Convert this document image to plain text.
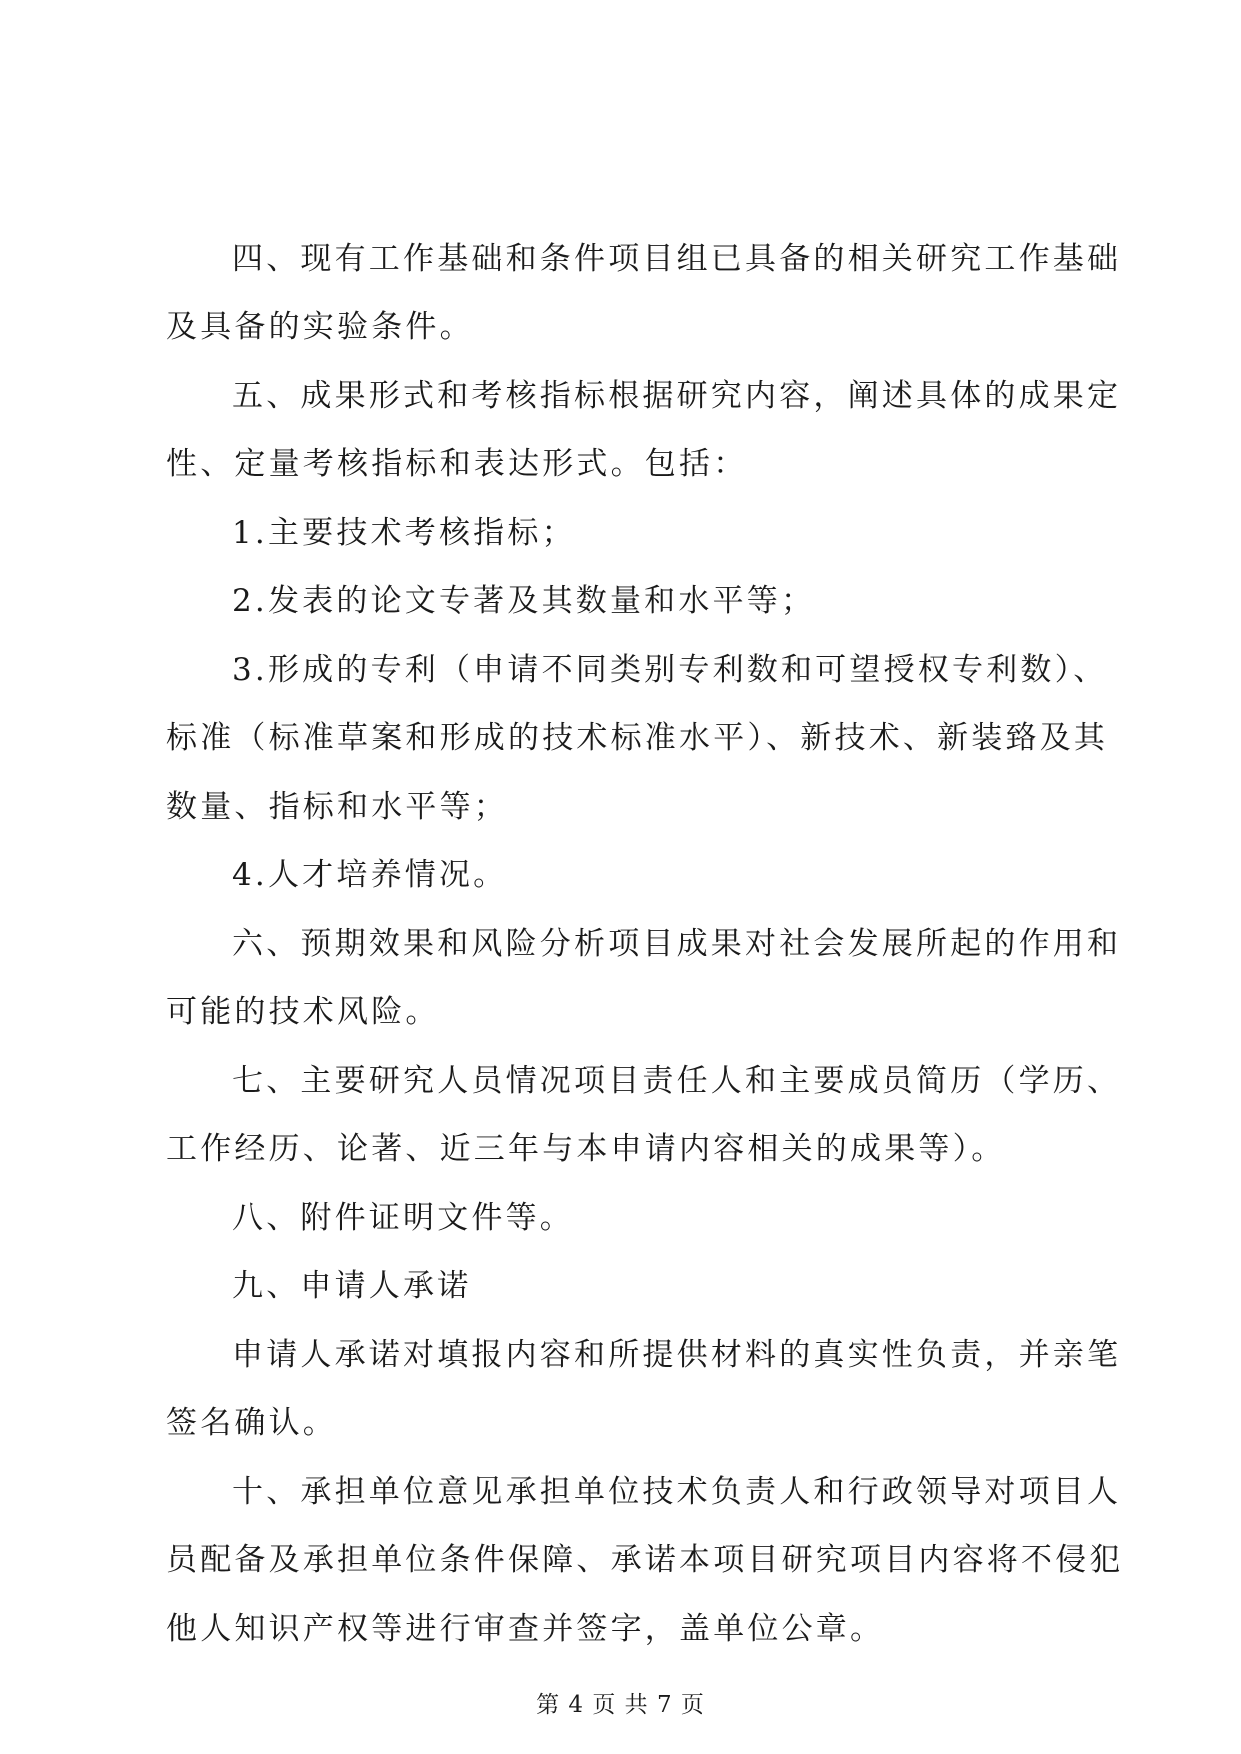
四、现有工作基础和条件项目组已具备的相关研究工作基础
及具备的实验条件。
五、成果形式和考核指标根据研究内容，阐述具体的成果定
性、定量考核指标和表达形式。包括：
1.主要技术考核指标；
2.发表的论文专著及其数量和水平等；
3.形成的专利（申请不同类别专利数和可望授权专利数）、
标准（标准草案和形成的技术标准水平）、新技术、新装臵及其
数量、指标和水平等；
4.人才培养情况。
六、预期效果和风险分析项目成果对社会发展所起的作用和
可能的技术风险。
七、主要研究人员情况项目责任人和主要成员简历（学历、
工作经历、论著、近三年与本申请内容相关的成果等）。
八、附件证明文件等。
九、申请人承诺
申请人承诺对填报内容和所提供材料的真实性负责，并亲笔
签名确认。
十、承担单位意见承担单位技术负责人和行政领导对项目人
员配备及承担单位条件保障、承诺本项目研究项目内容将不侵犯
他人知识产权等进行审查并签字，盖单位公章。
第 4 页 共 7 页
